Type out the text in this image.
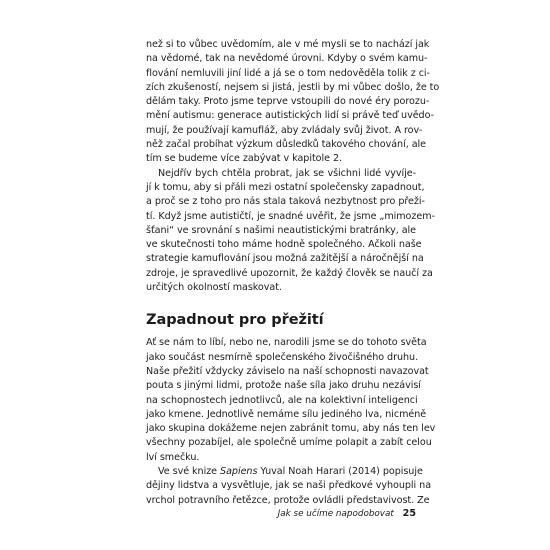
než si to vůbec uvědomím, ale v mé mysli se to nachází jak
na vědomé, tak na nevědomé úrovni. Kdyby o svém kamu-
flování nemluvili jiní lidé a já se o tom nedověděla tolik z ci-
zích zkušeností, nejsem si jistá, jestli by mi vůbec došlo, že to
dělám taky. Proto jsme teprve vstoupili do nové éry porozu-
mění autismu: generace autistických lidí si právě teď uvědo-
mují, že používají kamufláž, aby zvládaly svůj život. A rov-
něž začal probíhat výzkum důsledků takového chování, ale
tím se budeme více zabývat v kapitole 2.
Nejdřív bych chtěla probrat, jak se všichni lidé vyvíje-
jí k tomu, aby si přáli mezi ostatní společensky zapadnout,
a proč se z toho pro nás stala taková nezbytnost pro přeži-
tí. Když jsme autističtí, je snadné uvěřit, že jsme „mimozem-
šťani“ ve srovnání s našimi neautistickými bratránky, ale
ve skutečnosti toho máme hodně společného. Ačkoli naše
strategie kamuflování jsou možná zažitější a náročnější na
zdroje, je spravedlivé upozornit, že každý člověk se naučí za
určitých okolností maskovat.
Zapadnout pro přežití
Ať se nám to líbí, nebo ne, narodili jsme se do tohoto světa
jako součást nesmírně společenského živočišného druhu.
Naše přežití vždycky záviselo na naší schopnosti navazovat
pouta s jinými lidmi, protože naše síla jako druhu nezávisí
na schopnostech jednotlivců, ale na kolektivní inteligenci
jako kmene. Jednotlivě nemáme sílu jediného lva, nicméně
jako skupina dokážeme nejen zabránit tomu, aby nás ten lev
všechny pozabíjel, ale společně umíme polapit a zabít celou
lví smečku.
Ve své knize Sapiens Yuval Noah Harari (2014) popisuje
dějiny lidstva a vysvětluje, jak se naši předkové vyhoupli na
vrchol potravního řetězce, protože ovládli představivost. Ze
Jak se učíme napodobovat 25
